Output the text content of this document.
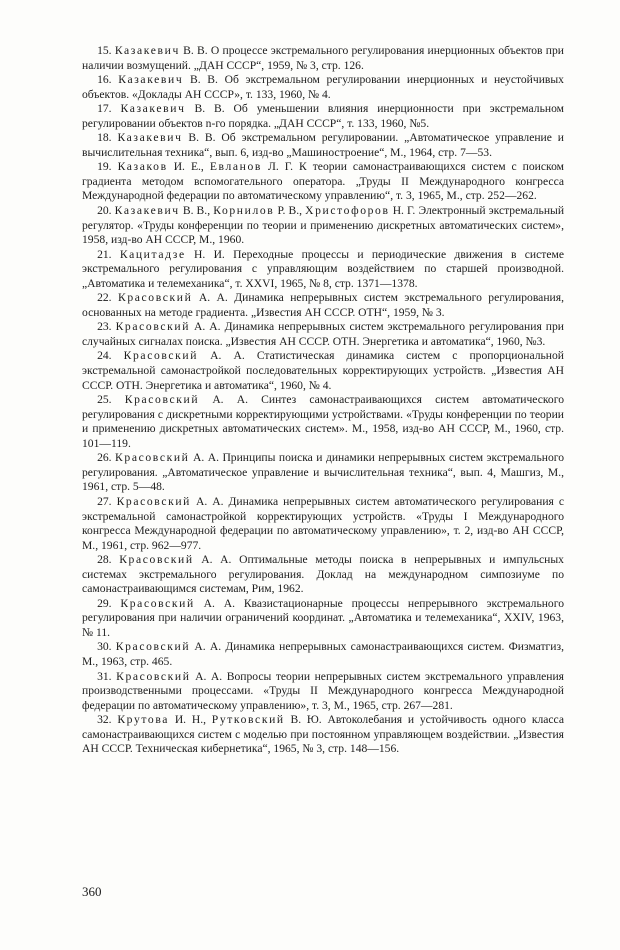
15. Казакевич В. В. О процессе экстремального регулирования инерционных объектов при наличии возмущений. „ДАН СССР“, 1959, № 3, стр. 126.

16. Казакевич В. В. Об экстремальном регулировании инерционных и неустойчивых объектов. «Доклады АН СССР», т. 133, 1960, № 4.

17. Казакевич В. В. Об уменьшении влияния инерционности при экстремальном регулировании объектов n-го порядка. „ДАН СССР“, т. 133, 1960, №5.

18. Казакевич В. В. Об экстремальном регулировании. „Автоматическое управление и вычислительная техника“, вып. 6, изд-во „Машиностроение“, М., 1964, стр. 7—53.

19. Казаков И. Е., Евланов Л. Г. К теории самонастраивающихся систем с поиском градиента методом вспомогательного оператора. „Труды II Международного конгресса Международной федерации по автоматическому управлению“, т. 3, 1965, М., стр. 252—262.

20. Казакевич В. В., Корнилов Р. В., Христофоров Н. Г. Электронный экстремальный регулятор. «Труды конференции по теории и применению дискретных автоматических систем», 1958, изд-во АН СССР, М., 1960.

21. Кацитадзе Н. И. Переходные процессы и периодические движения в системе экстремального регулирования с управляющим воздействием по старшей производной. „Автоматика и телемеханика“, т. XXVI, 1965, № 8, стр. 1371—1378.

22. Красовский А. А. Динамика непрерывных систем экстремального регулирования, основанных на методе градиента. „Известия АН СССР. ОТН“, 1959, № 3.

23. Красовский А. А. Динамика непрерывных систем экстремального регулирования при случайных сигналах поиска. „Известия АН СССР. ОТН. Энергетика и автоматика“, 1960, №3.

24. Красовский А. А. Статистическая динамика систем с пропорциональной экстремальной самонастройкой последовательных корректирующих устройств. „Известия АН СССР. ОТН. Энергетика и автоматика“, 1960, № 4.

25. Красовский А. А. Синтез самонастраивающихся систем автоматического регулирования с дискретными корректирующими устройствами. «Труды конференции по теории и применению дискретных автоматических систем». М., 1958, изд-во АН СССР, М., 1960, стр. 101—119.

26. Красовский А. А. Принципы поиска и динамики непрерывных систем экстремального регулирования. „Автоматическое управление и вычислительная техника“, вып. 4, Машгиз, М., 1961, стр. 5—48.

27. Красовский А. А. Динамика непрерывных систем автоматического регулирования с экстремальной самонастройкой корректирующих устройств. «Труды I Международного конгресса Международной федерации по автоматическому управлению», т. 2, изд-во АН СССР, М., 1961, стр. 962—977.

28. Красовский А. А. Оптимальные методы поиска в непрерывных и импульсных системах экстремального регулирования. Доклад на международном симпозиуме по самонастраивающимся системам, Рим, 1962.

29. Красовский А. А. Квазистационарные процессы непрерывного экстремального регулирования при наличии ограничений координат. „Автоматика и телемеханика“, XXIV, 1963, № 11.

30. Красовский А. А. Динамика непрерывных самонастраивающихся систем. Физматгиз, М., 1963, стр. 465.

31. Красовский А. А. Вопросы теории непрерывных систем экстремального управления производственными процессами. «Труды II Международного конгресса Международной федерации по автоматическому управлению», т. 3, М., 1965, стр. 267—281.

32. Крутова И. Н., Рутковский В. Ю. Автоколебания и устойчивость одного класса самонастраивающихся систем с моделью при постоянном управляющем воздействии. „Известия АН СССР. Техническая кибернетика“, 1965, № 3, стр. 148—156.

360
